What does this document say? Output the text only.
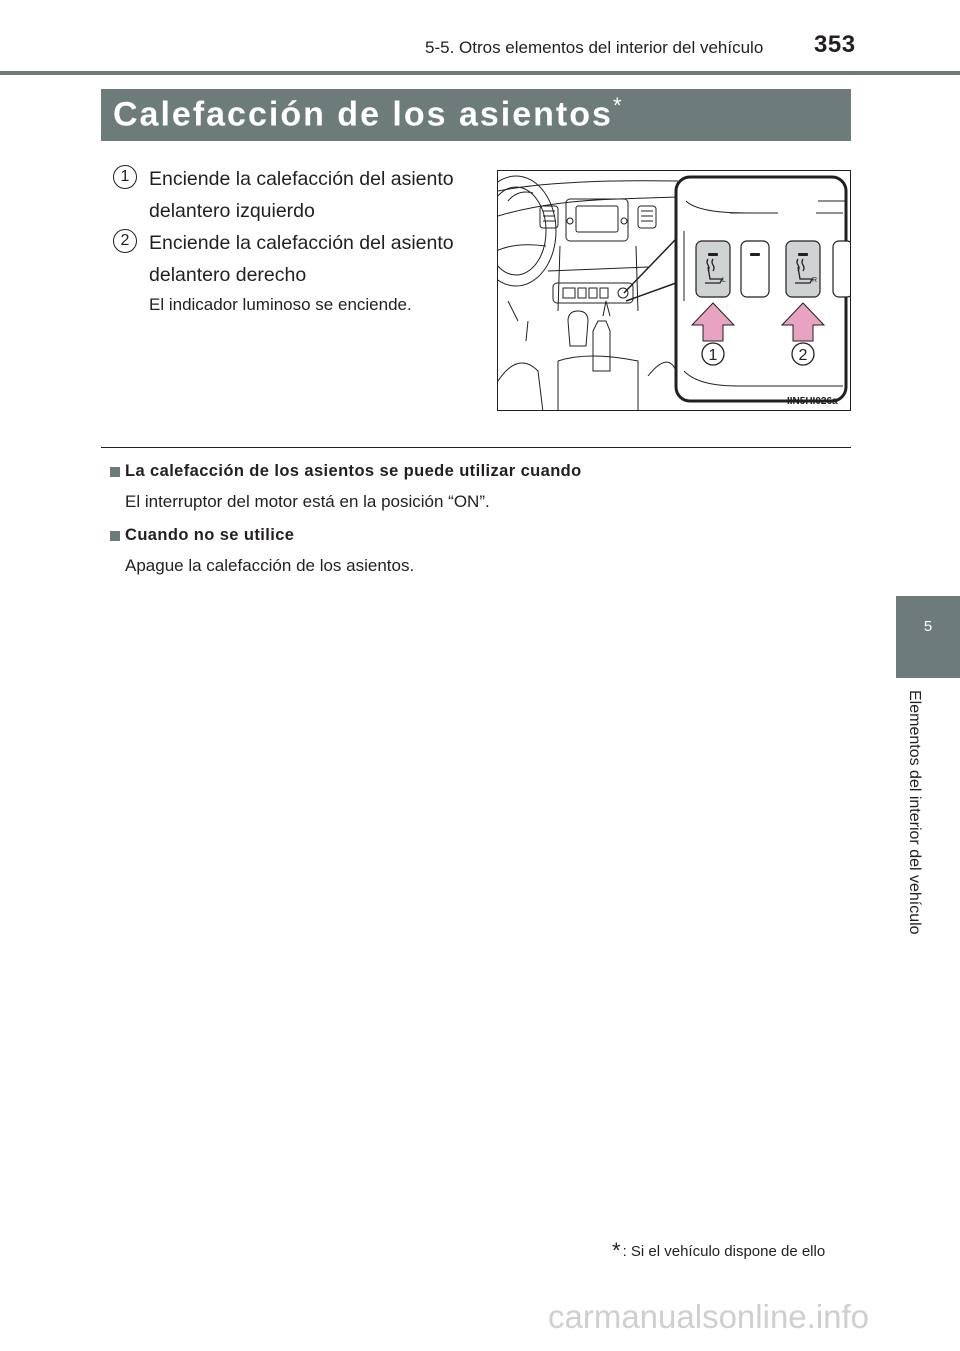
5-5. Otros elementos del interior del vehículo 353
5
Elementos del interior del vehículo
Calefacción de los asientos*
1	Enciende la calefacción del asiento
delantero izquierdo
2	Enciende la calefacción del asiento
delantero derecho
El indicador luminoso se enciende.
L	R
1	2
IIN5HI026a
La calefacción de los asientos se puede utilizar cuando
El interruptor del motor está en la posición “ON”.
Cuando no se utilice
Apague la calefacción de los asientos.
* : Si el vehículo dispone de ello
carmanualsonline.info
